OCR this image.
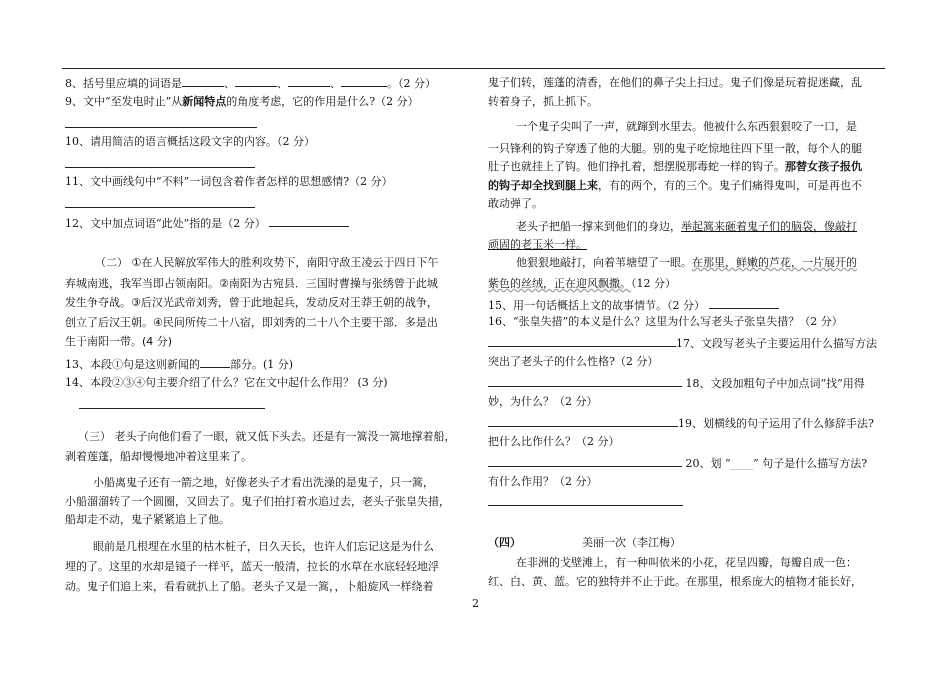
8、括号里应填的词语是	、	、	、	。（2 分）
9、文中“至发电时止”从新闻特点的角度考虑，它的作用是什么?（2 分）
10、请用简洁的语言概括这段文字的内容。（2 分）
11、文中画线句中“不料”一词包含着作者怎样的思想感情?（2 分）
12、文中加点词语“此处”指的是（2 分）
（二） ①在人民解放军伟大的胜利攻势下，南阳守敌王凌云于四日下午
弃城南逃，我军当即占领南阳。②南阳为古宛县．三国时曹操与张绣曾于此城
发生争夺战。③后汉光武帝刘秀，曾于此地起兵，发动反对王莽王朝的战争，
创立了后汉王朝。④民间所传二十八宿，即刘秀的二十八个主要干部．多是出
生于南阳一带。(4 分)
13、本段①句是这则新闻的	部分。(1 分)
14、本段②③④句主要介绍了什么？它在文中起什么作用？ (3 分)
（三） 老头子向他们看了一眼，就又低下头去。还是有一篙没一篙地撑着船，
剥着莲蓬，船却慢慢地冲着这里来了。
小船离鬼子还有一箭之地，好像老头子才看出洗澡的是鬼子，只一篙，
小船溜溜转了一个圆圈，又回去了。鬼子们拍打着水追过去，老头子张皇失措，
船却走不动，鬼子紧紧追上了他。
眼前是几根埋在水里的枯木桩子，日久天长，也许人们忘记这是为什么
埋的了。这里的水却是镜子一样平，蓝天一般清，拉长的水草在水底轻轻地浮
动。鬼子们追上来，看看就扒上了船。老头子又是一篙，，卜船旋风一样绕着
鬼子们转，莲蓬的清香，在他们的鼻子尖上扫过。鬼子们像是玩着捉迷藏，乱
转着身子，抓上抓下。
一个鬼子尖叫了一声，就蹿到水里去。他被什么东西狠狠咬了一口，是
一只锋利的钩子穿透了他的大腿。别的鬼子吃惊地往四下里一散，每个人的腿
肚子也就挂上了钩。他们挣扎着，想摆脱那毒蛇一样的钩子。那替女孩子报仇
的钩子却全找到腿上来，有的两个，有的三个。鬼子们痛得鬼叫，可是再也不
敢动弹了。
老头子把船一撑来到他们的身边，举起篙来砸着鬼子们的脑袋，像敲打
顽固的老玉米一样。
他狠狠地敲打，向着苇塘望了一眼。在那里，鲜嫩的芦花，一片展开的
紫色的丝绒，正在迎风飘撒。（12 分）
15、用一句话概括上文的故事情节。（2 分）
16、“张皇失措”的本义是什么？这里为什么写老头子张皇失措？（2 分）
17、文段写老头子主要运用什么描写方法
突出了老头子的什么性格?（2 分）
18、文段加粗句子中加点词“找”用得
妙，为什么？（2 分）
19、划横线的句子运用了什么修辞手法?
把什么比作什么？（2 分）
20、划 “_____” 句子是什么描写方法?
有什么作用？（2 分）
（四）	美丽一次（李江梅）
在非洲的戈壁滩上，有一种叫依米的小花，花呈四瓣，每瓣自成一色：
红、白、黄、蓝。它的独特并不止于此。在那里，根系庞大的植物才能长好，
2
